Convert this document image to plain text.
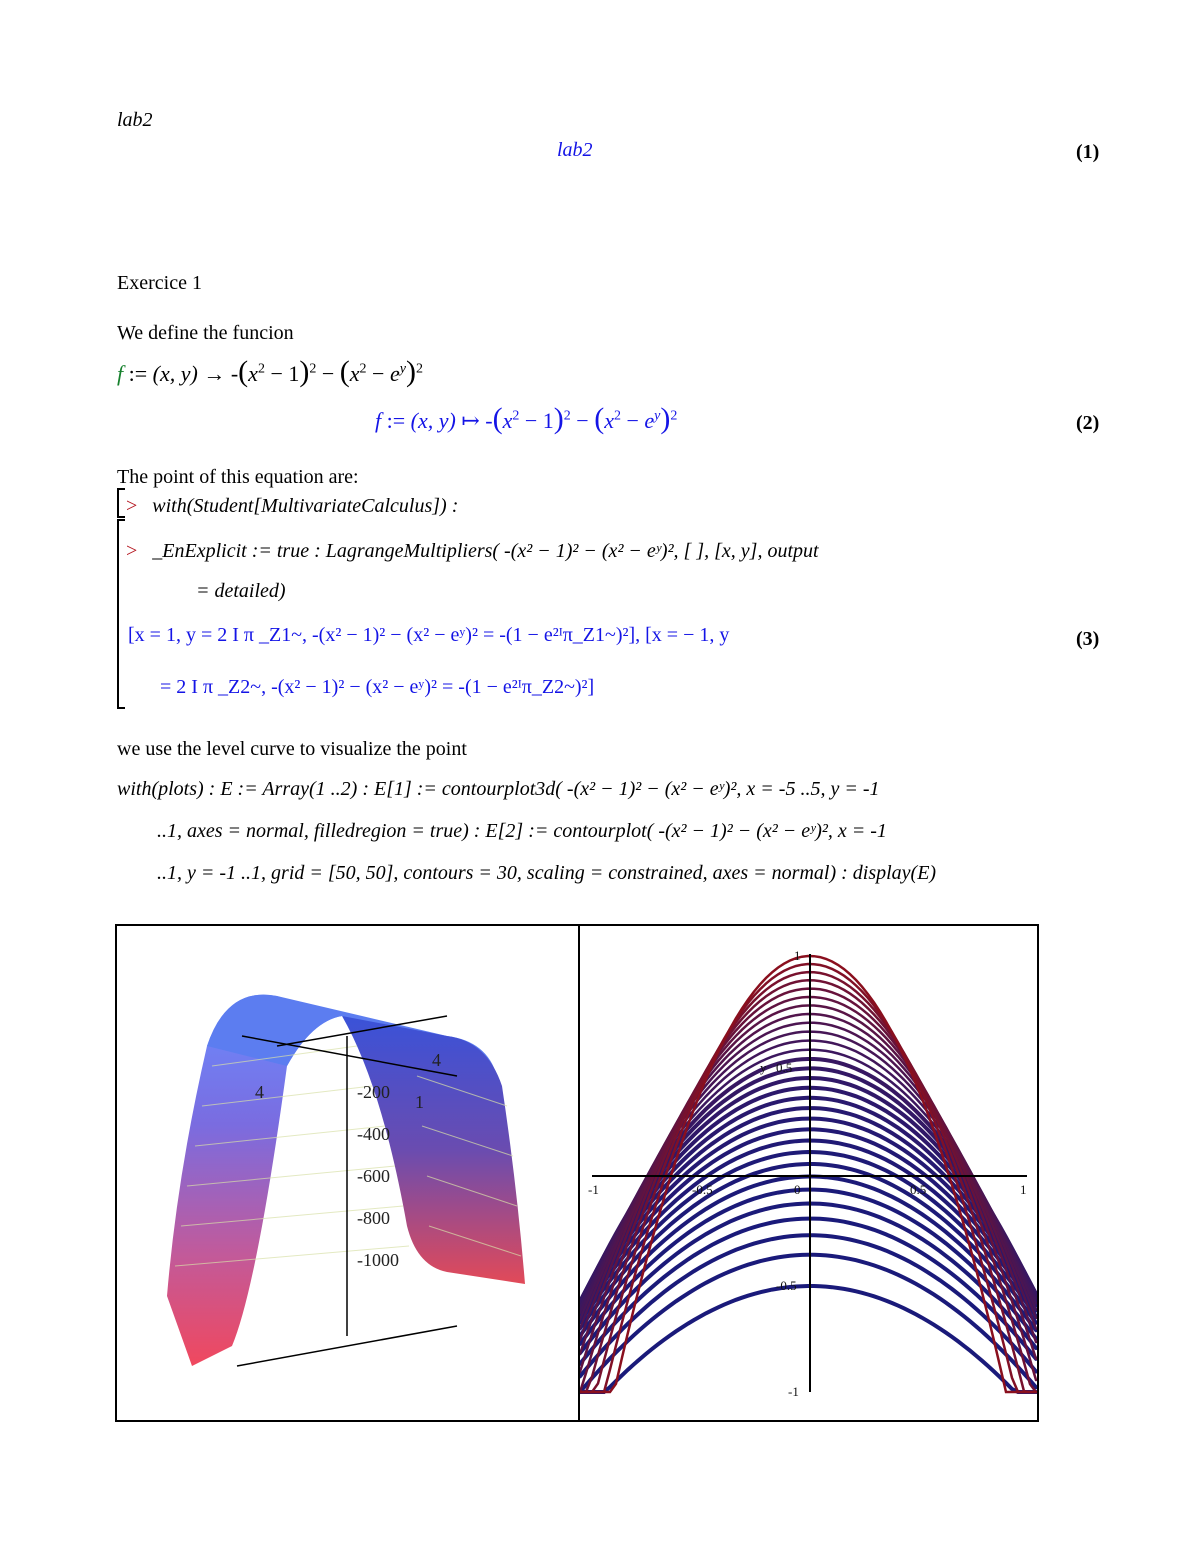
lab2
lab2	(1)
Exercice 1
We define the funcion
f := (x, $y) \to -(x^2 - 1)^2 - (x^2 - e^y)^2$
f := (x, y) ↦ $-(x^2 - 1)^2 - (x^2 - e^y)^2$	(2)
The point of this equation are:
> with(Student[MultivariateCalculus]) :
> _EnExplicit := true : LagrangeMultipliers( -(x² − 1)² − (x² − eʸ)², [ ], [x, y], output
= detailed)
[x = 1, y = 2 I π _Z1~, -(x² − 1)² − (x² − eʸ)² = -(1 − e²ᴵπ_Z1~)²], [x = − 1, y
= 2 I π _Z2~, -(x² − 1)² − (x² − eʸ)² = -(1 − e²ᴵπ_Z2~)²]
(3)
we use the level curve to visualize the point
with(plots) : E := Array(1 ..2) : E[1] := contourplot3d( -(x² − 1)² − (x² − eʸ)², x = -5 ..5, y = -1
..1, axes = normal, filledregion = true) : E[2] := contourplot( -(x² − 1)² − (x² − eʸ)², x = -1
..1, y = -1 ..1, grid = [50, 50], contours = 30, scaling = constrained, axes = normal) : display(E)
4
4
1
-200
-400
-600
-800
-1000
-1	-0.5	0	0.5	1
1
0.5
-0.5
-1
y
